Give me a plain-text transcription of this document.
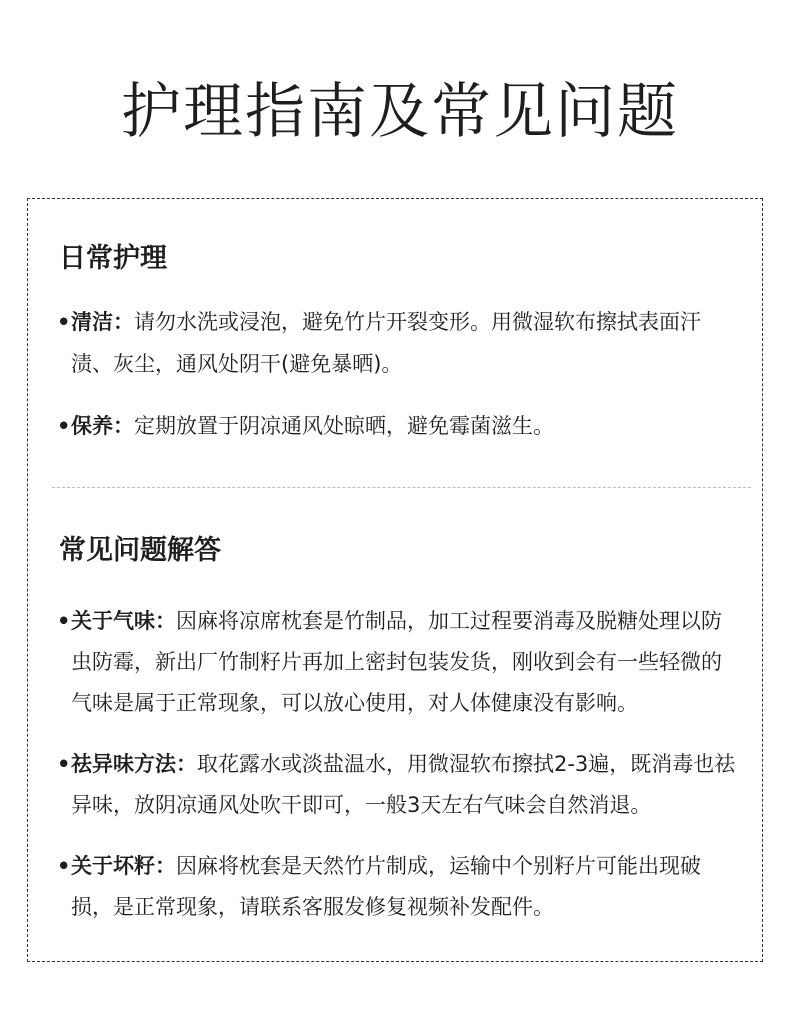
护理指南及常见问题
日常护理
• 清洁：请勿水洗或浸泡，避免竹片开裂变形。用微湿软布擦拭表面汗渍、灰尘，通风处阴干(避免暴晒)。
• 保养：定期放置于阴凉通风处晾晒，避免霉菌滋生。
常见问题解答
• 关于气味：因麻将凉席枕套是竹制品，加工过程要消毒及脱糖处理以防虫防霉，新出厂竹制籽片再加上密封包装发货，刚收到会有一些轻微的气味是属于正常现象，可以放心使用，对人体健康没有影响。
• 祛异味方法：取花露水或淡盐温水，用微湿软布擦拭2-3遍，既消毒也祛异味，放阴凉通风处吹干即可，一般3天左右气味会自然消退。
• 关于坏籽：因麻将枕套是天然竹片制成，运输中个别籽片可能出现破损，是正常现象，请联系客服发修复视频补发配件。
